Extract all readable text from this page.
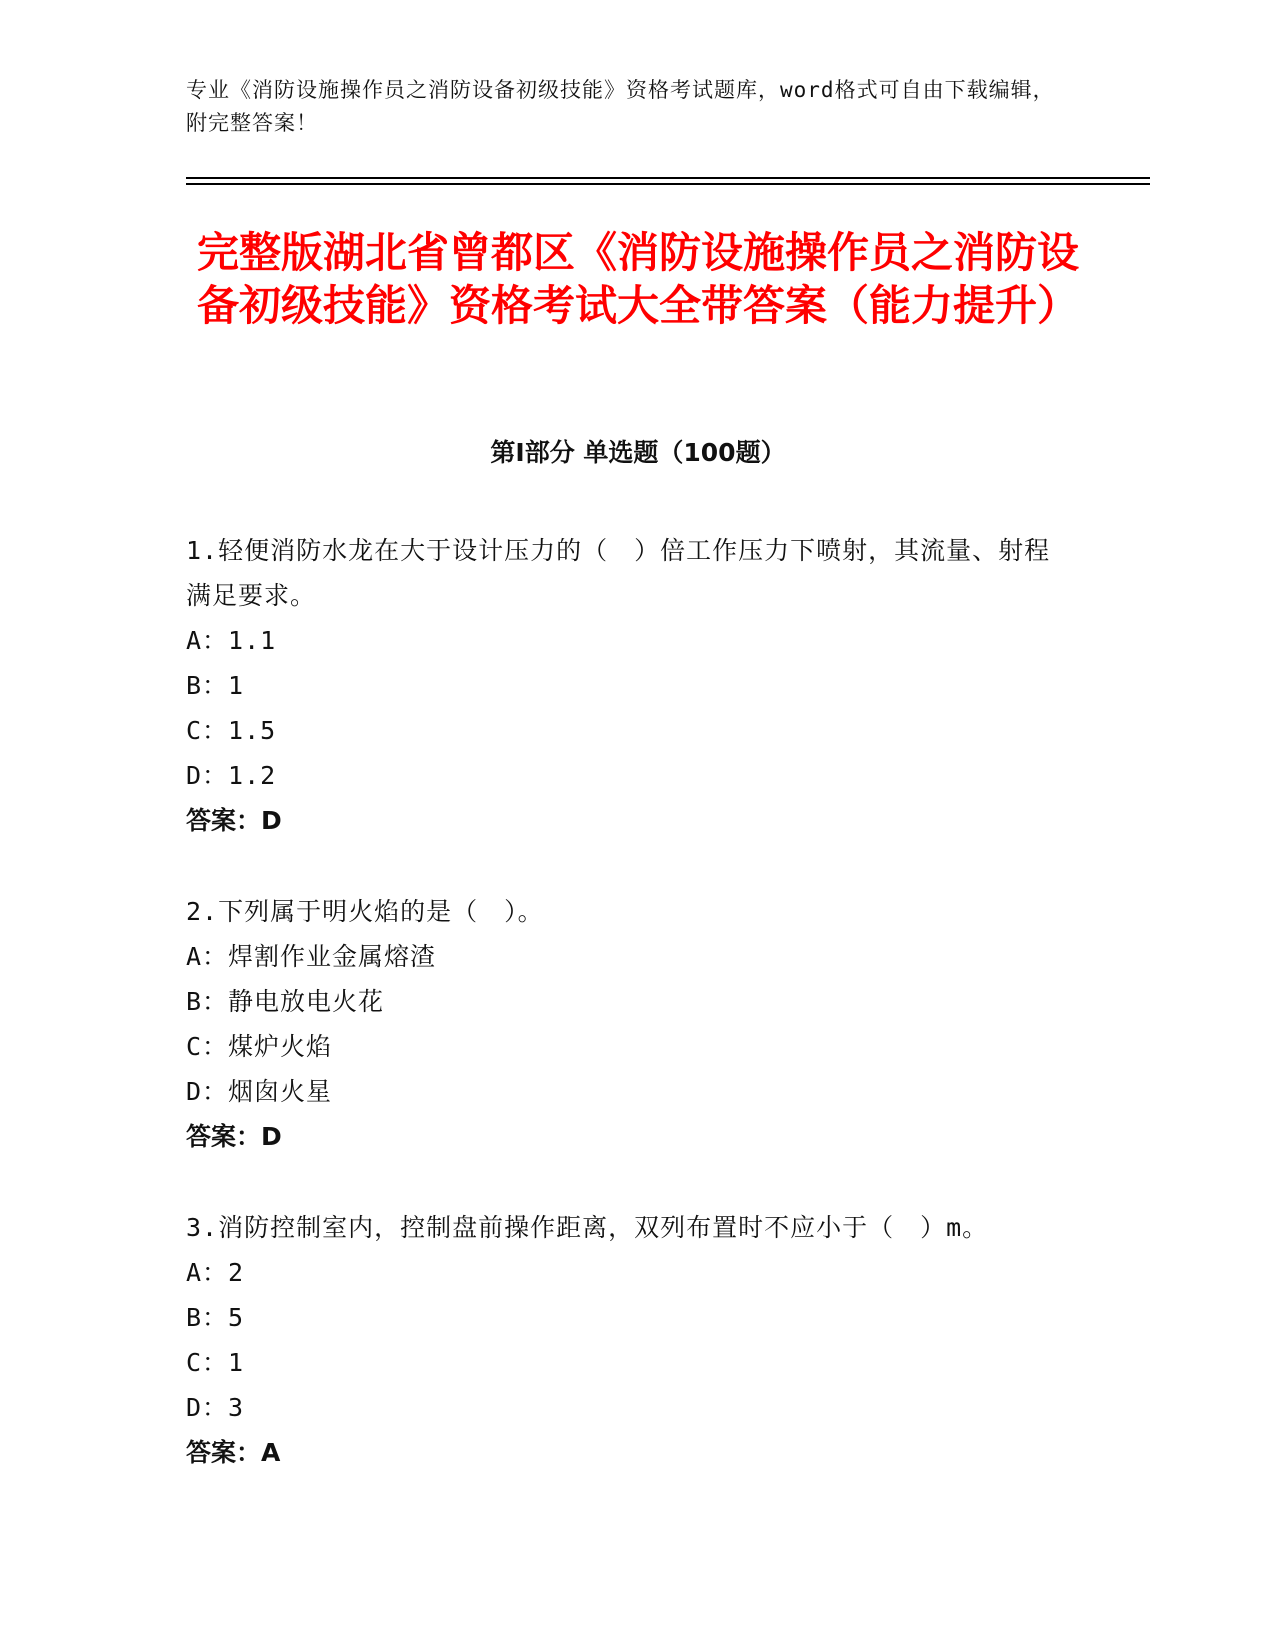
专业《消防设施操作员之消防设备初级技能》资格考试题库，word格式可自由下载编辑，附完整答案！
完整版湖北省曾都区《消防设施操作员之消防设备初级技能》资格考试大全带答案（能力提升）
第I部分 单选题（100题）
1.轻便消防水龙在大于设计压力的（　）倍工作压力下喷射，其流量、射程满足要求。
A：1.1
B：1
C：1.5
D：1.2
答案：D
2.下列属于明火焰的是（　）。
A：焊割作业金属熔渣
B：静电放电火花
C：煤炉火焰
D：烟囱火星
答案：D
3.消防控制室内，控制盘前操作距离，双列布置时不应小于（　）m。
A：2
B：5
C：1
D：3
答案：A
